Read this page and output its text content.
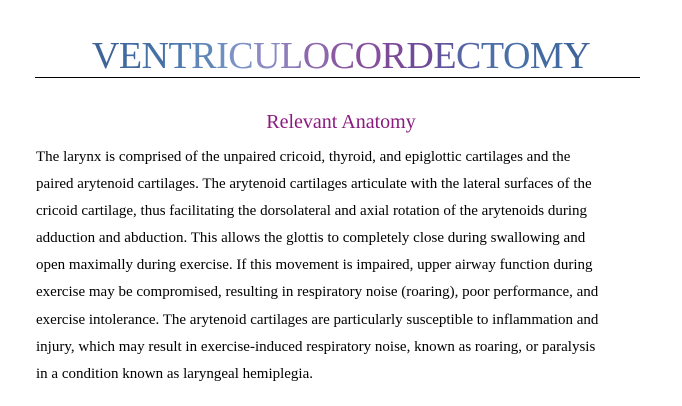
VENTRICULOCORDECTOMY
Relevant Anatomy

The larynx is comprised of the unpaired cricoid, thyroid, and epiglottic cartilages and the
paired arytenoid cartilages. The arytenoid cartilages articulate with the lateral surfaces of the
cricoid cartilage, thus facilitating the dorsolateral and axial rotation of the arytenoids during
adduction and abduction. This allows the glottis to completely close during swallowing and
open maximally during exercise. If this movement is impaired, upper airway function during
exercise may be compromised, resulting in respiratory noise (roaring), poor performance, and
exercise intolerance. The arytenoid cartilages are particularly susceptible to inflammation and
injury, which may result in exercise-induced respiratory noise, known as roaring, or paralysis
in a condition known as laryngeal hemiplegia.
